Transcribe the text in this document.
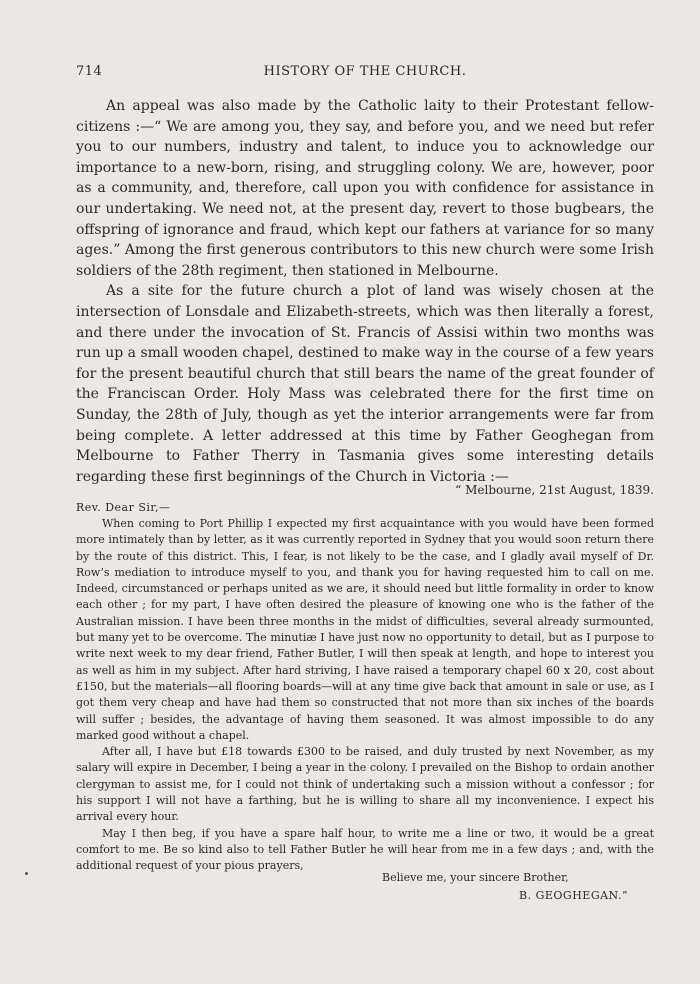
714	HISTORY OF THE CHURCH.

An appeal was also made by the Catholic laity to their Protestant fellow-citizens :—“ We are among you, they say, and before you, and we need but refer you to our numbers, industry and talent, to induce you to acknowledge our importance to a new-born, rising, and struggling colony. We are, however, poor as a community, and, therefore, call upon you with confidence for assistance in our undertaking. We need not, at the present day, revert to those bugbears, the offspring of ignorance and fraud, which kept our fathers at variance for so many ages.” Among the first generous contributors to this new church were some Irish soldiers of the 28th regiment, then stationed in Melbourne.

As a site for the future church a plot of land was wisely chosen at the intersection of Lonsdale and Elizabeth-streets, which was then literally a forest, and there under the invocation of St. Francis of Assisi within two months was run up a small wooden chapel, destined to make way in the course of a few years for the present beautiful church that still bears the name of the great founder of the Franciscan Order. Holy Mass was celebrated there for the first time on Sunday, the 28th of July, though as yet the interior arrangements were far from being complete. A letter addressed at this time by Father Geoghegan from Melbourne to Father Therry in Tasmania gives some interesting details regarding these first beginnings of the Church in Victoria :—

“ Melbourne, 21st August, 1839.

Rev. Dear Sir,—

When coming to Port Phillip I expected my first acquaintance with you would have been formed more intimately than by letter, as it was currently reported in Sydney that you would soon return there by the route of this district. This, I fear, is not likely to be the case, and I gladly avail myself of Dr. Row’s mediation to introduce myself to you, and thank you for having requested him to call on me. Indeed, circumstanced or perhaps united as we are, it should need but little formality in order to know each other ; for my part, I have often desired the pleasure of knowing one who is the father of the Australian mission. I have been three months in the midst of difficulties, several already surmounted, but many yet to be overcome. The minutiæ I have just now no opportunity to detail, but as I purpose to write next week to my dear friend, Father Butler, I will then speak at length, and hope to interest you as well as him in my subject. After hard striving, I have raised a temporary chapel 60 x 20, cost about £150, but the materials—all flooring boards—will at any time give back that amount in sale or use, as I got them very cheap and have had them so constructed that not more than six inches of the boards will suffer ; besides, the advantage of having them seasoned. It was almost impossible to do any marked good without a chapel.

After all, I have but £18 towards £300 to be raised, and duly trusted by next November, as my salary will expire in December, I being a year in the colony. I prevailed on the Bishop to ordain another clergyman to assist me, for I could not think of undertaking such a mission without a confessor ; for his support I will not have a farthing, but he is willing to share all my inconvenience. I expect his arrival every hour.

May I then beg, if you have a spare half hour, to write me a line or two, it would be a great comfort to me. Be so kind also to tell Father Butler he will hear from me in a few days ; and, with the additional request of your pious prayers,

Believe me, your sincere Brother,
B. GEOGHEGAN.”
